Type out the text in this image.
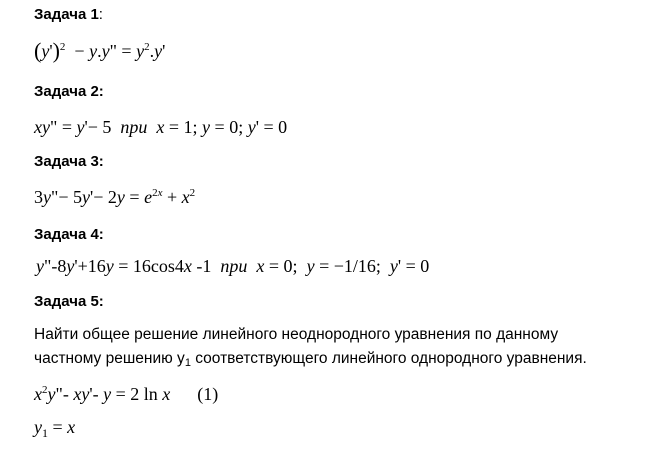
Задача 1:
$(y')^2 - y.y$" = $y^2.y'$
Задача 2:
xy" = y'− 5  при x = 1; y = 0; y' = 0
Задача 3:
3y"− $5y'- 2y = e^{2x} + x^2$
Задача 4:
y"-8y'+16y = 16cos4x -1  при x = 0;  y = −1/16;  y' = 0
Задача 5:
Найти общее решение линейного неоднородного уравнения по данному
частному решению $y_1$ соответствующего линейного однородного уравнения.
$x^2y"-$ xy'- y = 2 ln x (1)
$y_1 = x$
